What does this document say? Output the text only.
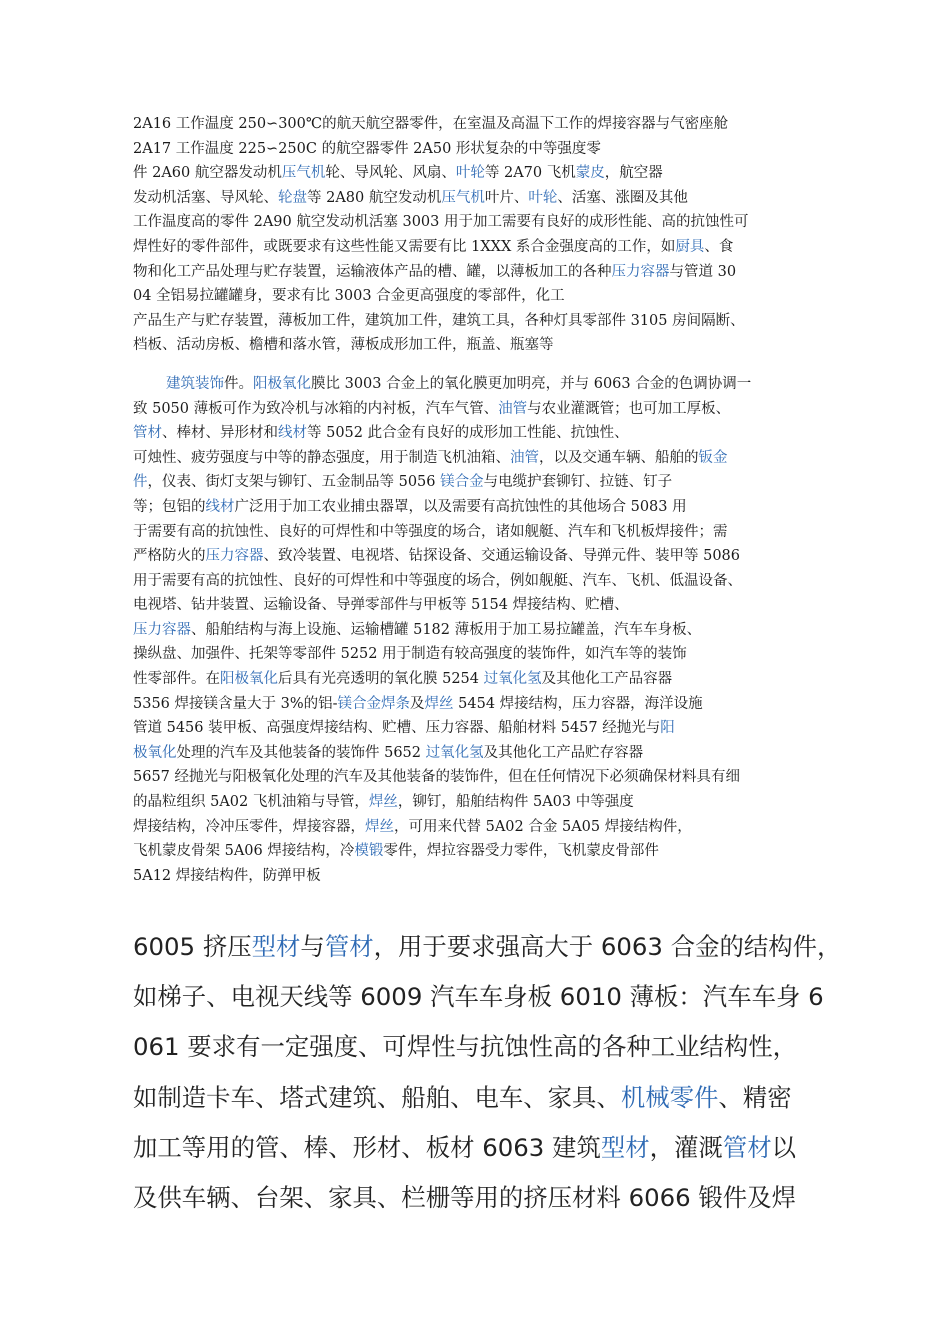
2A16 工作温度 250∽300℃的航天航空器零件，在室温及高温下工作的焊接容器与气密座舱
2A17 工作温度 225∽250C 的航空器零件 2A50 形状复杂的中等强度零
件 2A60 航空器发动机压气机轮、导风轮、风扇、叶轮等 2A70 飞机蒙皮，航空器
发动机活塞、导风轮、轮盘等 2A80 航空发动机压气机叶片、叶轮、活塞、涨圈及其他
工作温度高的零件 2A90 航空发动机活塞 3003 用于加工需要有良好的成形性能、高的抗蚀性可
焊性好的零件部件，或既要求有这些性能又需要有比 1XXX 系合金强度高的工作，如厨具、食
物和化工产品处理与贮存装置，运输液体产品的槽、罐，以薄板加工的各种压力容器与管道 30
04 全铝易拉罐罐身，要求有比 3003 合金更高强度的零部件，化工
产品生产与贮存装置，薄板加工件，建筑加工件，建筑工具，各种灯具零部件 3105 房间隔断、
档板、活动房板、檐槽和落水管，薄板成形加工件，瓶盖、瓶塞等
建筑装饰件。阳极氧化膜比 3003 合金上的氧化膜更加明亮，并与 6063 合金的色调协调一
致 5050 薄板可作为致冷机与冰箱的内衬板，汽车气管、油管与农业灌溉管；也可加工厚板、
管材、棒材、异形材和线材等 5052 此合金有良好的成形加工性能、抗蚀性、
可烛性、疲劳强度与中等的静态强度，用于制造飞机油箱、油管，以及交通车辆、船舶的钣金
件，仪表、街灯支架与铆钉、五金制品等 5056 镁合金与电缆护套铆钉、拉链、钉子
等；包铝的线材广泛用于加工农业捕虫器罩，以及需要有高抗蚀性的其他场合 5083 用
于需要有高的抗蚀性、良好的可焊性和中等强度的场合，诸如舰艇、汽车和飞机板焊接件；需
严格防火的压力容器、致冷装置、电视塔、钻探设备、交通运输设备、导弹元件、装甲等 5086
用于需要有高的抗蚀性、良好的可焊性和中等强度的场合，例如舰艇、汽车、飞机、低温设备、
电视塔、钻井装置、运输设备、导弹零部件与甲板等 5154 焊接结构、贮槽、
压力容器、船舶结构与海上设施、运输槽罐 5182 薄板用于加工易拉罐盖，汽车车身板、
操纵盘、加强件、托架等零部件 5252 用于制造有较高强度的装饰件，如汽车等的装饰
性零部件。在阳极氧化后具有光亮透明的氧化膜 5254 过氧化氢及其他化工产品容器
5356 焊接镁含量大于 3%的铝-镁合金焊条及焊丝 5454 焊接结构，压力容器，海洋设施
管道 5456 装甲板、高强度焊接结构、贮槽、压力容器、船舶材料 5457 经抛光与阳
极氧化处理的汽车及其他装备的装饰件 5652 过氧化氢及其他化工产品贮存容器
5657 经抛光与阳极氧化处理的汽车及其他装备的装饰件，但在任何情况下必须确保材料具有细
的晶粒组织 5A02 飞机油箱与导管，焊丝，铆钉，船舶结构件 5A03 中等强度
焊接结构，冷冲压零件，焊接容器，焊丝，可用来代替 5A02 合金 5A05 焊接结构件，
飞机蒙皮骨架 5A06 焊接结构，冷模锻零件，焊拉容器受力零件，飞机蒙皮骨部件
5A12 焊接结构件，防弹甲板
6005 挤压型材与管材，用于要求强高大于 6063 合金的结构件，
如梯子、电视天线等 6009 汽车车身板 6010 薄板：汽车车身 6
061 要求有一定强度、可焊性与抗蚀性高的各种工业结构性，
如制造卡车、塔式建筑、船舶、电车、家具、机械零件、精密
加工等用的管、棒、形材、板材 6063 建筑型材，灌溉管材以
及供车辆、台架、家具、栏栅等用的挤压材料 6066 锻件及焊
